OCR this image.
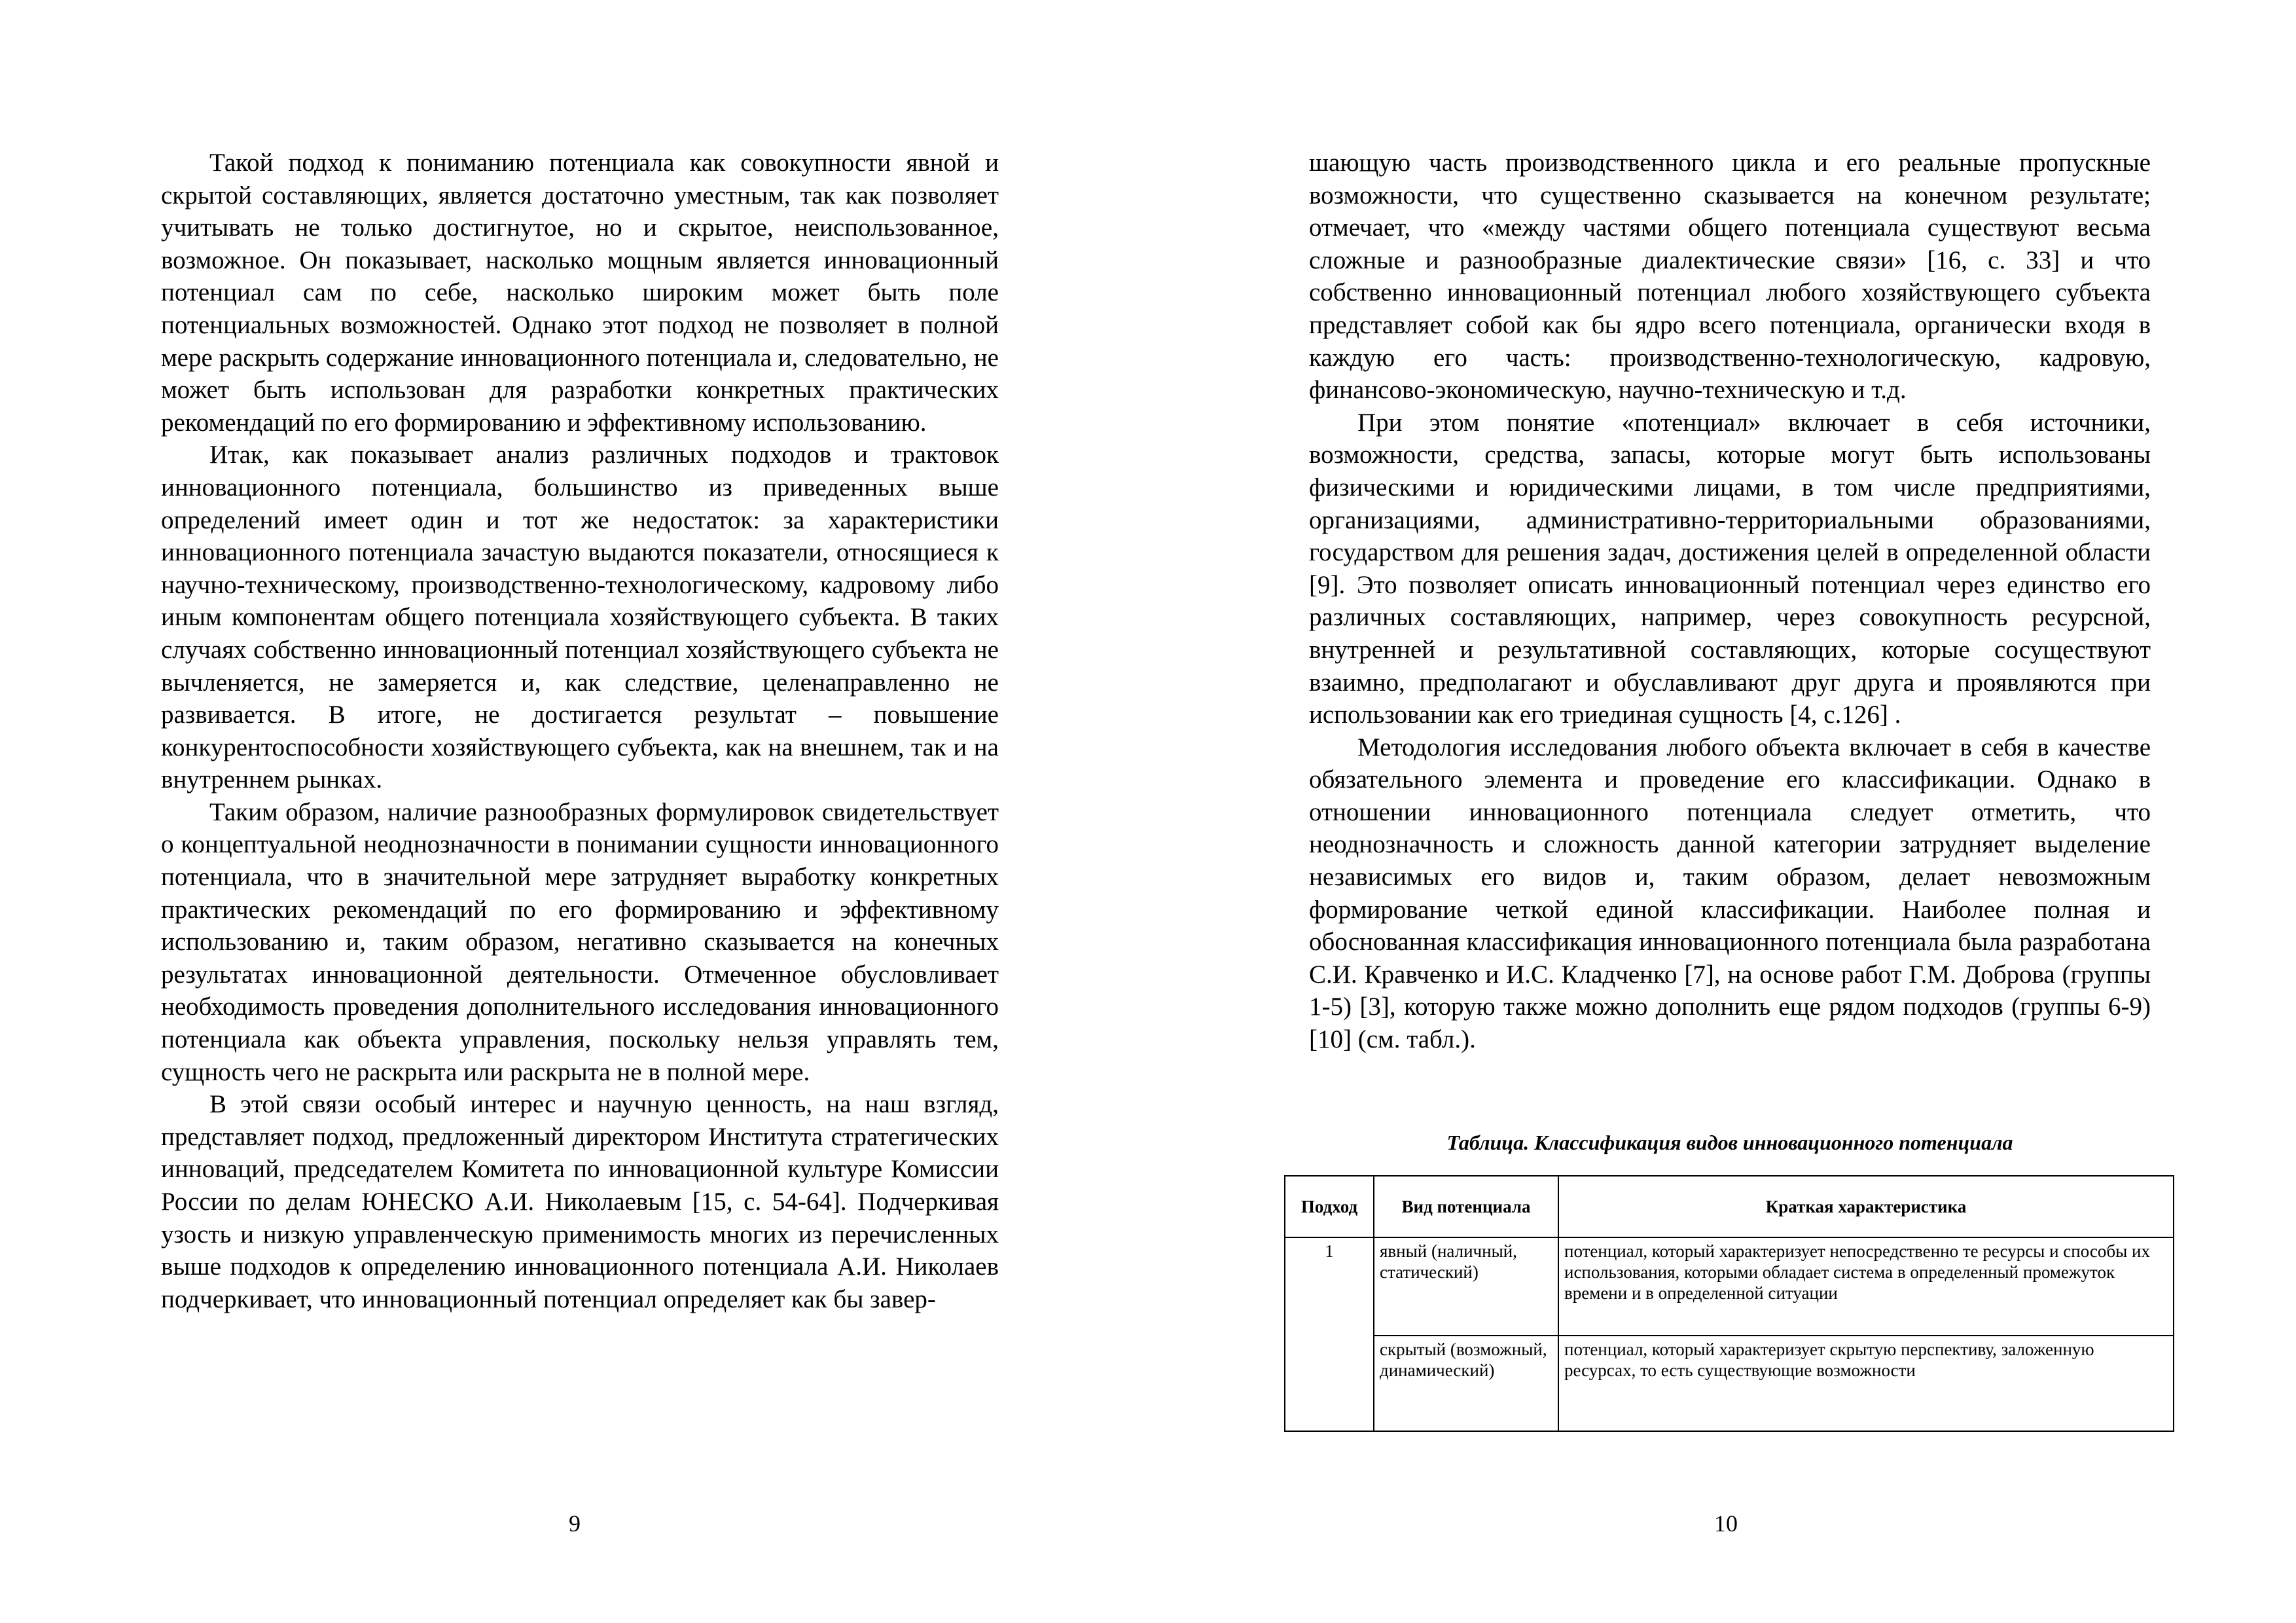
Такой подход к пониманию потенциала как совокупности явной и скрытой составляющих, является достаточно уместным, так как позволяет учитывать не только достигнутое, но и скрытое, неиспользованное, возможное. Он показывает, насколько мощным является инновационный потенциал сам по себе, насколько широким может быть поле потенциальных возможностей. Однако этот подход не позволяет в полной мере раскрыть содержание инновационного потенциала и, следовательно, не может быть использован для разработки конкретных практических рекомендаций по его формированию и эффективному использованию.

Итак, как показывает анализ различных подходов и трактовок инновационного потенциала, большинство из приведенных выше определений имеет один и тот же недостаток: за характеристики инновационного потенциала зачастую выдаются показатели, относящиеся к научно-техническому, производственно-технологическому, кадровому либо иным компонентам общего потенциала хозяйствующего субъекта. В таких случаях собственно инновационный потенциал хозяйствующего субъекта не вычленяется, не замеряется и, как следствие, целенаправленно не развивается. В итоге, не достигается результат – повышение конкурентоспособности хозяйствующего субъекта, как на внешнем, так и на внутреннем рынках.

Таким образом, наличие разнообразных формулировок свидетельствует о концептуальной неоднозначности в понимании сущности инновационного потенциала, что в значительной мере затрудняет выработку конкретных практических рекомендаций по его формированию и эффективному использованию и, таким образом, негативно сказывается на конечных результатах инновационной деятельности. Отмеченное обусловливает необходимость проведения дополнительного исследования инновационного потенциала как объекта управления, поскольку нельзя управлять тем, сущность чего не раскрыта или раскрыта не в полной мере.

В этой связи особый интерес и научную ценность, на наш взгляд, представляет подход, предложенный директором Института стратегических инноваций, председателем Комитета по инновационной культуре Комиссии России по делам ЮНЕСКО А.И. Николаевым [15, с. 54-64]. Подчеркивая узость и низкую управленческую применимость многих из перечисленных выше подходов к определению инновационного потенциала А.И. Николаев подчеркивает, что инновационный потенциал определяет как бы завер-

9

шающую часть производственного цикла и его реальные пропускные возможности, что существенно сказывается на конечном результате; отмечает, что «между частями общего потенциала существуют весьма сложные и разнообразные диалектические связи» [16, с. 33] и что собственно инновационный потенциал любого хозяйствующего субъекта представляет собой как бы ядро всего потенциала, органически входя в каждую его часть: производственно-технологическую, кадровую, финансово-экономическую, научно-техническую и т.д.

При этом понятие «потенциал» включает в себя источники, возможности, средства, запасы, которые могут быть использованы физическими и юридическими лицами, в том числе предприятиями, организациями, административно-территориальными образованиями, государством для решения задач, достижения целей в определенной области [9]. Это позволяет описать инновационный потенциал через единство его различных составляющих, например, через совокупность ресурсной, внутренней и результативной составляющих, которые сосуществуют взаимно, предполагают и обуславливают друг друга и проявляются при использовании как его триединая сущность [4, с.126] .

Методология исследования любого объекта включает в себя в качестве обязательного элемента и проведение его классификации. Однако в отношении инновационного потенциала следует отметить, что неоднозначность и сложность данной категории затрудняет выделение независимых его видов и, таким образом, делает невозможным формирование четкой единой классификации. Наиболее полная и обоснованная классификация инновационного потенциала была разработана С.И. Кравченко и И.С. Кладченко [7], на основе работ Г.М. Доброва (группы 1-5) [3], которую также можно дополнить еще рядом подходов (группы 6-9) [10] (см. табл.).

Таблица. Классификация видов инновационного потенциала
Подход	Вид потенциала	Краткая характеристика
1	явный (наличный, статический)	потенциал, который характеризует непосредственно те ресурсы и способы их использования, которыми обладает система в определенный промежуток времени и в определенной ситуации
	скрытый (возможный, динамический)	потенциал, который характеризует скрытую перспективу, заложенную ресурсах, то есть существующие возможности
10
